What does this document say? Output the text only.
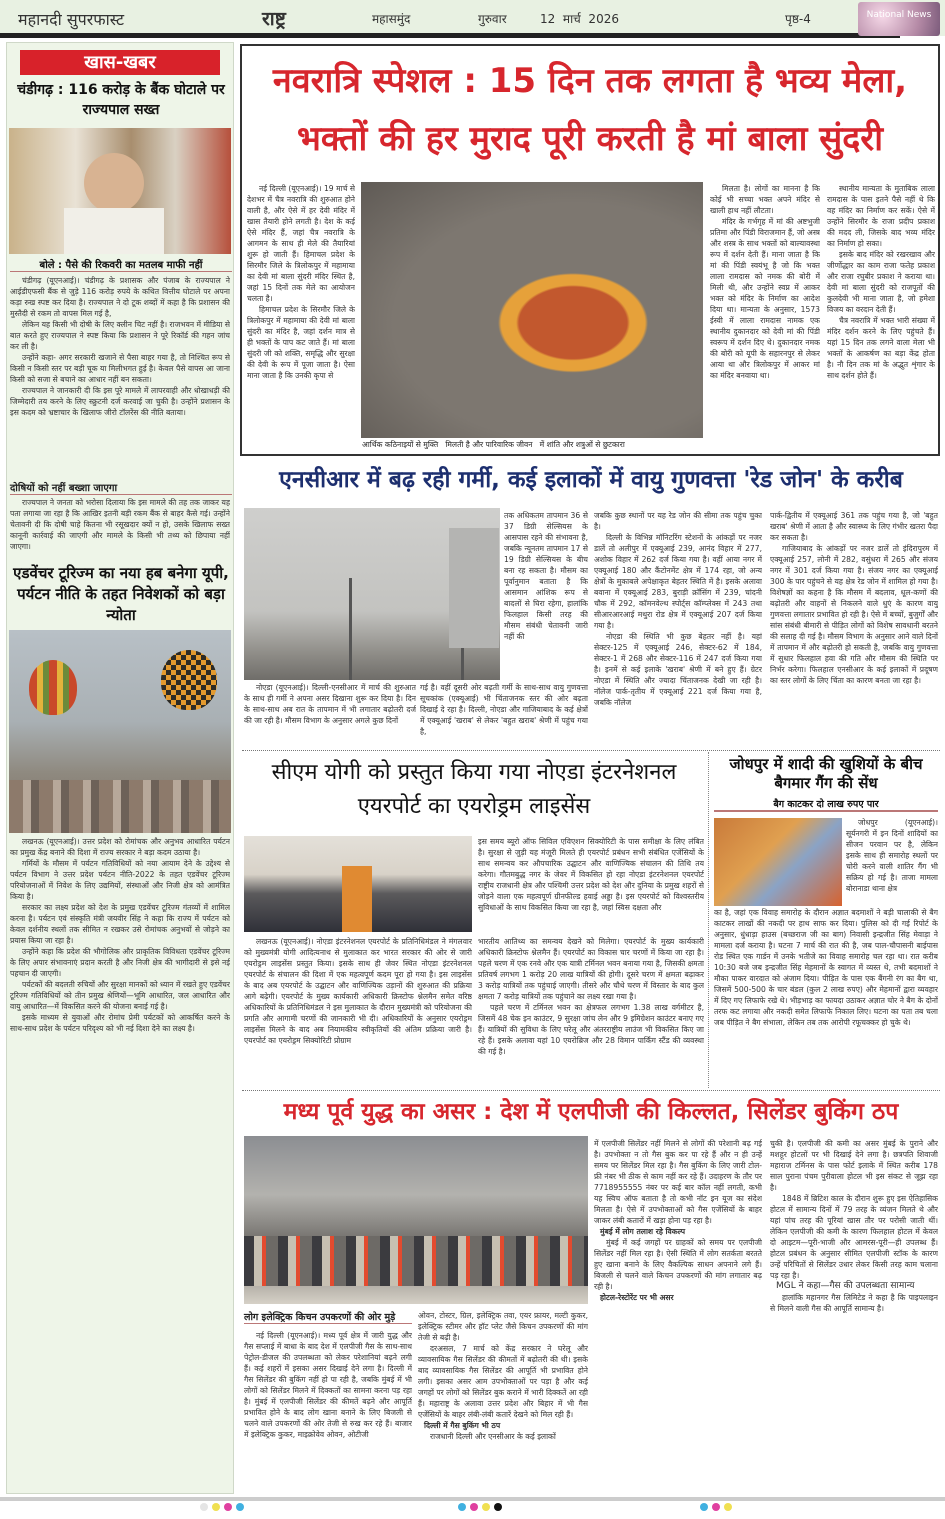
महानदी सुपरफास्ट	राष्ट्र	महासमुंद	गुरुवार	12  मार्च  2026	पृष्ठ-4	National News
खास-खबर
चंडीगढ़ : 116 करोड़ के बैंक घोटाले पर राज्यपाल सख्त
बोले : पैसे की रिकवरी का मतलब माफी नहीं

चंडीगढ़ (यूएनआई)। चंडीगढ़ के प्रशासक और पंजाब के राज्यपाल ने आईडीएफसी बैंक से जुड़े 116 करोड़ रुपये के कथित वित्तीय घोटाले पर अपना कड़ा रुख स्पष्ट कर दिया है। राज्यपाल ने दो टूक शब्दों में कहा है कि प्रशासन की मुस्तैदी से रकम तो वापस मिल गई है,

लेकिन यह किसी भी दोषी के लिए क्लीन चिट नहीं है। राजभवन में मीडिया से बात करते हुए राज्यपाल ने स्पष्ट किया कि प्रशासन ने पूरे रिकॉर्ड की गहन जांच कर ली है।

उन्होंने कहा- अगर सरकारी खजाने से पैसा बाहर गया है, तो निश्चित रूप से किसी न किसी स्तर पर बड़ी चूक या मिलीभगत हुई है। केवल पैसे वापस आ जाना किसी को सजा से बचाने का आधार नहीं बन सकता।

राज्यपाल ने जानकारी दी कि इस पूरे मामले में लापरवाही और धोखाधड़ी की जिम्मेदारी तय करने के लिए स्क्रुटनी दर्ज करवाई जा चुकी है। उन्होंने प्रशासन के इस कदम को भ्रष्टाचार के खिलाफ जीरो टॉलरेंस की नीति बताया।

दोषियों को नहीं बख्शा जाएगा

राज्यपाल ने जनता को भरोसा दिलाया कि इस मामले की तह तक जाकर यह पता लगाया जा रहा है कि आखिर इतनी बड़ी रकम बैंक से बाहर कैसे गई। उन्होंने चेतावनी दी कि दोषी चाहे कितना भी रसूखदार क्यों न हो, उसके खिलाफ सख्त कानूनी कार्रवाई की जाएगी और मामले के किसी भी तथ्य को छिपाया नहीं जाएगा।

एडवेंचर टूरिज्म का नया हब बनेगा यूपी, पर्यटन नीति के तहत निवेशकों को बड़ा न्योता

लखनऊ (यूएनआई)। उत्तर प्रदेश को रोमांचक और अनुभव आधारित पर्यटन का प्रमुख केंद्र बनाने की दिशा में राज्य सरकार ने बड़ा कदम उठाया है।

गर्मियों के मौसम में पर्यटन गतिविधियों को नया आयाम देने के उद्देश्य से पर्यटन विभाग ने उत्तर प्रदेश पर्यटन नीति-2022 के तहत एडवेंचर टूरिज्म परियोजनाओं में निवेश के लिए उद्यमियों, संस्थाओं और निजी क्षेत्र को आमंत्रित किया है।

सरकार का लक्ष्य प्रदेश को देश के प्रमुख एडवेंचर टूरिज्म गंतव्यों में शामिल करना है। पर्यटन एवं संस्कृति मंत्री जयवीर सिंह ने कहा कि राज्य में पर्यटन को केवल दर्शनीय स्थलों तक सीमित न रखकर उसे रोमांचक अनुभवों से जोड़ने का प्रयास किया जा रहा है।

उन्होंने कहा कि प्रदेश की भौगोलिक और प्राकृतिक विविधता एडवेंचर टूरिज्म के लिए अपार संभावनाएं प्रदान करती है और निजी क्षेत्र की भागीदारी से इसे नई पहचान दी जाएगी।

पर्यटकों की बदलती रुचियों और सुरक्षा मानकों को ध्यान में रखते हुए एडवेंचर टूरिज्म गतिविधियों को तीन प्रमुख श्रेणियों—भूमि आधारित, जल आधारित और वायु आधारित—में विकसित करने की योजना बनाई गई है।

इसके माध्यम से युवाओं और रोमांच प्रेमी पर्यटकों को आकर्षित करने के साथ-साथ प्रदेश के पर्यटन परिदृश्य को भी नई दिशा देने का लक्ष्य है।

नवरात्रि स्पेशल : 15 दिन तक लगता है भव्य मेला, भक्तों की हर मुराद पूरी करती है मां बाला सुंदरी

नई दिल्ली (यूएनआई)। 19 मार्च से देशभर में चैत्र नवरात्रि की शुरुआत होने वाली है, और ऐसे में हर देवी मंदिर में खास तैयारी होने लगती है। देश के कई ऐसे मंदिर हैं, जहां चैत्र नवरात्रि के आगमन के साथ ही मेले की तैयारियां शुरू हो जाती हैं। हिमाचल प्रदेश के सिरमौर जिले के त्रिलोकपुर में महामाया का देवी मां बाला सुंदरी मंदिर स्थित है, जहां 15 दिनों तक मेले का आयोजन चलता है।

हिमाचल प्रदेश के सिरमौर जिले के त्रिलोकपुर में महामाया की देवी मां बाला सुंदरी का मंदिर है, जहां दर्शन मात्र से ही भक्तों के पाप कट जाते हैं। मां बाला सुंदरी जी को शक्ति, समृद्धि और सुरक्षा की देवी के रूप में पूजा जाता है। ऐसा माना जाता है कि उनकी कृपा से

आर्थिक कठिनाइयों से मुक्ति   मिलती है और पारिवारिक जीवन   में शांति और शत्रुओं से छुटकारा

मिलता है। लोगों का मानना है कि कोई भी सच्चा भक्त अपने मंदिर से खाली हाथ नहीं लौटता।

मंदिर के गर्भगृह में मां की अष्टभुजी प्रतिमा और पिंडी विराजमान हैं, जो अस्त्र और शस्त्र के साथ भक्तों को बाल्यावस्था रूप में दर्शन देती हैं। माना जाता है कि मां की पिंडी स्वयंभू है जो कि भक्त लाला रामदास को नमक की बोरी में मिली थी, और उन्होंने स्वप्न में आकर भक्त को मंदिर के निर्माण का आदेश दिया था। मान्यता के अनुसार, 1573 ईस्वी में लाला रामदास नामक एक स्थानीय दुकानदार को देवी मां की पिंडी स्वरूप में दर्शन दिए थे। दुकानदार नमक की बोरी को यूपी के सहारनपुर से लेकर आया था और त्रिलोकपुर में आकर मां का मंदिर बनवाया था।

स्थानीय मान्यता के मुताबिक लाला रामदास के पास इतने पैसे नहीं थे कि वह मंदिर का निर्माण कर सकें। ऐसे में उन्होंने सिरमौर के राजा प्रदीप प्रकाश की मदद ली, जिसके बाद भव्य मंदिर का निर्माण हो सका।

इसके बाद मंदिर को रखरखाव और जीर्णोद्धार का काम राजा फतेह प्रकाश और राजा रघुबीर प्रकाश ने कराया था। देवी मां बाला सुंदरी को राजपूतों की कुलदेवी भी माना जाता है, जो हमेशा विजय का वरदान देती हैं।

चैत्र नवरात्रि में भक्त भारी संख्या में मंदिर दर्शन करने के लिए पहुंचते हैं। यहां 15 दिन तक लगने वाला मेला भी भक्तों के आकर्षण का बड़ा केंद्र होता है। नौ दिन तक मां के अद्भुत शृंगार के साथ दर्शन होते हैं।

एनसीआर में बढ़ रही गर्मी, कई इलाकों में वायु गुणवत्ता 'रेड जोन' के करीब

तक अधिकतम तापमान 36 से 37 डिग्री सेल्सियस के आसपास रहने की संभावना है, जबकि न्यूनतम तापमान 17 से 19 डिग्री सेल्सियस के बीच बना रह सकता है। मौसम का पूर्वानुमान बताता है कि आसमान आंशिक रूप से बादलों से घिरा रहेगा, हालांकि फिलहाल किसी तरह की मौसम संबंधी चेतावनी जारी नहीं की

नोएडा (यूएनआई)। दिल्ली-एनसीआर में मार्च की शुरुआत के साथ ही गर्मी ने अपना असर दिखाना शुरू कर दिया है। दिन के साथ-साथ अब रात के तापमान में भी लगातार बढ़ोतरी दर्ज की जा रही है। मौसम विभाग के अनुसार अगले कुछ दिनों

गई है। वहीं दूसरी ओर बढ़ती गर्मी के साथ-साथ वायु गुणवत्ता सूचकांक (एक्यूआई) भी चिंताजनक स्तर की ओर बढ़ता दिखाई दे रहा है। दिल्ली, नोएडा और गाजियाबाद के कई क्षेत्रों में एक्यूआई 'खराब' से लेकर 'बहुत खराब' श्रेणी में पहुंच गया है,

जबकि कुछ स्थानों पर यह रेड जोन की सीमा तक पहुंच चुका है।

दिल्ली के विभिन्न मॉनिटरिंग स्टेशनों के आंकड़ों पर नजर डालें तो अलीपुर में एक्यूआई 239, आनंद विहार में 277, अशोक विहार में 262 दर्ज किया गया है। वहीं आया नगर में एक्यूआई 180 और कैंटोनमेंट क्षेत्र में 174 रहा, जो अन्य क्षेत्रों के मुकाबले अपेक्षाकृत बेहतर स्थिति में है। इसके अलावा बवाना में एक्यूआई 283, बुराड़ी क्रॉसिंग में 239, चांदनी चौक में 292, कॉमनवेल्थ स्पोर्ट्स कॉम्प्लेक्स में 243 तथा सीआरआरआई मथुरा रोड क्षेत्र में एक्यूआई 207 दर्ज किया गया है।

नोएडा की स्थिति भी कुछ बेहतर नहीं है। यहां सेक्टर-125 में एक्यूआई 246, सेक्टर-62 में 184, सेक्टर-1 में 268 और सेक्टर-116 में 247 दर्ज किया गया है। इनमें से कई इलाके 'खराब' श्रेणी में बने हुए हैं। ग्रेटर नोएडा में स्थिति और ज्यादा चिंताजनक देखी जा रही है। नॉलेज पार्क-तृतीय में एक्यूआई 221 दर्ज किया गया है, जबकि नॉलेज

पार्क-द्वितीय में एक्यूआई 361 तक पहुंच गया है, जो 'बहुत खराब' श्रेणी में आता है और स्वास्थ्य के लिए गंभीर खतरा पैदा कर सकता है।

गाजियाबाद के आंकड़ों पर नजर डालें तो इंदिरापुरम में एक्यूआई 257, लोनी में 282, वसुंधरा में 265 और संजय नगर में 301 दर्ज किया गया है। संजय नगर का एक्यूआई 300 के पार पहुंचने से यह क्षेत्र रेड जोन में शामिल हो गया है। विशेषज्ञों का कहना है कि मौसम में बदलाव, धूल-कणों की बढ़ोतरी और वाहनों से निकलने वाले धुएं के कारण वायु गुणवत्ता लगातार प्रभावित हो रही है। ऐसे में बच्चों, बुजुर्गों और सांस संबंधी बीमारी से पीड़ित लोगों को विशेष सावधानी बरतने की सलाह दी गई है। मौसम विभाग के अनुसार आने वाले दिनों में तापमान में और बढ़ोतरी हो सकती है, जबकि वायु गुणवत्ता में सुधार फिलहाल हवा की गति और मौसम की स्थिति पर निर्भर करेगा। फिलहाल एनसीआर के कई इलाकों में प्रदूषण का स्तर लोगों के लिए चिंता का कारण बनता जा रहा है।

सीएम योगी को प्रस्तुत किया गया नोएडा इंटरनेशनल एयरपोर्ट का एयरोड्रम लाइसेंस

इस समय ब्यूरो ऑफ सिविल एविएशन सिक्योरिटी के पास समीक्षा के लिए लंबित है। सुरक्षा से जुड़ी यह मंजूरी मिलते ही एयरपोर्ट प्रबंधन सभी संबंधित एजेंसियों के साथ समन्वय कर औपचारिक उद्घाटन और वाणिज्यिक संचालन की तिथि तय करेगा। गौतमबुद्ध नगर के जेवर में विकसित हो रहा नोएडा इंटरनेशनल एयरपोर्ट राष्ट्रीय राजधानी क्षेत्र और पश्चिमी उत्तर प्रदेश को देश और दुनिया के प्रमुख शहरों से जोड़ने वाला एक महत्वपूर्ण ग्रीनफील्ड हवाई अड्डा है। इस एयरपोर्ट को विश्वस्तरीय सुविधाओं के साथ विकसित किया जा रहा है, जहां स्विस दक्षता और

लखनऊ (यूएनआई)। नोएडा इंटरनेशनल एयरपोर्ट के प्रतिनिधिमंडल ने मंगलवार को मुख्यमंत्री योगी आदित्यनाथ से मुलाकात कर भारत सरकार की ओर से जारी एयरोड्रम लाइसेंस प्रस्तुत किया। इसके साथ ही जेवर स्थित नोएडा इंटरनेशनल एयरपोर्ट के संचालन की दिशा में एक महत्वपूर्ण कदम पूरा हो गया है। इस लाइसेंस के बाद अब एयरपोर्ट के उद्घाटन और वाणिज्यिक उड़ानों की शुरुआत की प्रक्रिया आगे बढ़ेगी। एयरपोर्ट के मुख्य कार्यकारी अधिकारी क्रिस्टोफ श्नेलमैन समेत वरिष्ठ अधिकारियों के प्रतिनिधिमंडल ने इस मुलाकात के दौरान मुख्यमंत्री को परियोजना की प्रगति और आगामी चरणों की जानकारी भी दी। अधिकारियों के अनुसार एयरोड्रम लाइसेंस मिलने के बाद अब नियामकीय स्वीकृतियों की अंतिम प्रक्रिया जारी है। एयरपोर्ट का एयरोड्रम सिक्योरिटी प्रोग्राम

भारतीय आतिथ्य का समन्वय देखने को मिलेगा। एयरपोर्ट के मुख्य कार्यकारी अधिकारी क्रिस्टोफ श्नेलमैन हैं। एयरपोर्ट का विकास चार चरणों में किया जा रहा है। पहले चरण में एक रनवे और एक यात्री टर्मिनल भवन बनाया गया है, जिसकी क्षमता प्रतिवर्ष लगभग 1 करोड़ 20 लाख यात्रियों की होगी। दूसरे चरण में क्षमता बढ़ाकर 3 करोड़ यात्रियों तक पहुंचाई जाएगी। तीसरे और चौथे चरण में विस्तार के बाद कुल क्षमता 7 करोड़ यात्रियों तक पहुंचाने का लक्ष्य रखा गया है।

पहले चरण में टर्मिनल भवन का क्षेत्रफल लगभग 1.38 लाख वर्गमीटर है, जिसमें 48 चेक इन काउंटर, 9 सुरक्षा जांच लेन और 9 इमिग्रेशन काउंटर बनाए गए हैं। यात्रियों की सुविधा के लिए घरेलू और अंतरराष्ट्रीय लाउंज भी विकसित किए जा रहे हैं। इसके अलावा यहां 10 एयरोब्रिज और 28 विमान पार्किंग स्टैंड की व्यवस्था की गई है।

जोधपुर में शादी की खुशियों के बीच बैगमार गैंग की सेंध
बैग काटकर दो लाख रुपए पार

जोधपुर (यूएनआई)। सूर्यनगरी में इन दिनों शादियों का सीजन परवान पर है, लेकिन इसके साथ ही समारोह स्थलों पर चोरी करने वाली शातिर गैंग भी सक्रिय हो गई है। ताजा मामला बोरानाडा थाना क्षेत्र

का है, जहां एक विवाह समारोह के दौरान अज्ञात बदमाशों ने बड़ी चालाकी से बैग काटकर लाखों की नकदी पर हाथ साफ कर दिया। पुलिस को दी गई रिपोर्ट के अनुसार, धुंधाड़ा हाउस (बच्छराज जी का बाग) निवासी इन्द्रजीत सिंह मेवाड़ा ने मामला दर्ज कराया है। घटना 7 मार्च की रात की है, जब पाल-चौपासनी बाईपास रोड स्थित एक गार्डन में उनके भतीजे का विवाह समारोह चल रहा था। रात करीब 10:30 बजे जब इन्द्रजीत सिंह मेहमानों के स्वागत में व्यस्त थे, तभी बदमाशों ने मौका पाकर वारदात को अंजाम दिया। पीड़ित के पास एक बैंगनी रंग का बैग था, जिसमें 500-500 के चार बंडल (कुल 2 लाख रुपए) और मेहमानों द्वारा व्यवहार में दिए गए लिफाफे रखे थे। भीड़भाड़ का फायदा उठाकर अज्ञात चोर ने बैग के दोनों तरफ कट लगाया और नकदी समेत लिफाफे निकाल लिए। घटना का पता तब चला जब पीड़ित ने बैग संभाला, लेकिन तब तक आरोपी रफूचक्कर हो चुके थे।

मध्य पूर्व युद्ध का असर : देश में एलपीजी की किल्लत, सिलेंडर बुकिंग ठप
लोग इलेक्ट्रिक किचन उपकरणों की ओर मुड़े

नई दिल्ली (यूएनआई)। मध्य पूर्व क्षेत्र में जारी युद्ध और गैस सप्लाई में बाधा के बाद देश में एलपीजी गैस के साथ-साथ पेट्रोल-डीजल की उपलब्धता को लेकर परेशानियां बढ़ने लगी हैं। कई शहरों में इसका असर दिखाई देने लगा है। दिल्ली में गैस सिलेंडर की बुकिंग नहीं हो पा रही है, जबकि मुंबई में भी लोगों को सिलेंडर मिलने में दिक्कतों का सामना करना पड़ रहा है। मुंबई में एलपीजी सिलेंडर की कीमतें बढ़ने और आपूर्ति प्रभावित होने के बाद लोग खाना बनाने के लिए बिजली से चलने वाले उपकरणों की ओर तेजी से रुख कर रहे हैं। बाजार में इलेक्ट्रिक कुकर, माइक्रोवेव ओवन, ओटीजी

ओवन, टोस्टर, ग्रिल, इलेक्ट्रिक तवा, एयर फ्रायर, मल्टी कुकर, इलेक्ट्रिक स्टीमर और हॉट प्लेट जैसे किचन उपकरणों की मांग तेजी से बढ़ी है।

दरअसल, 7 मार्च को केंद्र सरकार ने घरेलू और व्यावसायिक गैस सिलेंडर की कीमतों में बढ़ोतरी की थी। इसके बाद व्यावसायिक गैस सिलेंडर की आपूर्ति भी प्रभावित होने लगी। इसका असर आम उपभोक्ताओं पर पड़ा है और कई जगहों पर लोगों को सिलेंडर बुक कराने में भारी दिक्कतें आ रही हैं। महाराष्ट्र के अलावा उत्तर प्रदेश और बिहार में भी गैस एजेंसियों के बाहर लंबी-लंबी कतारें देखने को मिल रही हैं।

दिल्ली में गैस बुकिंग भी ठप

राजधानी दिल्ली और एनसीआर के कई इलाकों

में एलपीजी सिलेंडर नहीं मिलने से लोगों की परेशानी बढ़ गई है। उपभोक्ता न तो गैस बुक कर पा रहे हैं और न ही उन्हें समय पर सिलेंडर मिल रहा है। गैस बुकिंग के लिए जारी टोल-फ्री नंबर भी ठीक से काम नहीं कर रहे हैं। उदाहरण के तौर पर 7718955555 नंबर पर कई बार कॉल नहीं लगती, कभी यह स्विच ऑफ बताता है तो कभी नॉट इन यूज का संदेश मिलता है। ऐसे में उपभोक्ताओं को गैस एजेंसियों के बाहर जाकर लंबी कतारों में खड़ा होना पड़ रहा है।

मुंबई में लोग तलाश रहे विकल्प

मुंबई में कई जगहों पर ग्राहकों को समय पर एलपीजी सिलेंडर नहीं मिल रहा है। ऐसी स्थिति में लोग सतर्कता बरतते हुए खाना बनाने के लिए वैकल्पिक साधन अपनाने लगे हैं। बिजली से चलने वाले किचन उपकरणों की मांग लगातार बढ़ रही है।

होटल-रेस्टोरेंट पर भी असर

चुकी है। एलपीजी की कमी का असर मुंबई के पुराने और मशहूर होटलों पर भी दिखाई देने लगा है। छत्रपति शिवाजी महाराज टर्मिनस के पास फोर्ट इलाके में स्थित करीब 178 साल पुराना पंचम पुरीवाला होटल भी इस संकट से जूझ रहा है।

1848 में ब्रिटिश काल के दौरान शुरू हुए इस ऐतिहासिक होटल में सामान्य दिनों में 79 तरह के व्यंजन मिलते थे और यहां पांच तरह की पूरियां खास तौर पर परोसी जाती थीं। लेकिन एलपीजी की कमी के कारण फिलहाल होटल में केवल दो आइटम—पूरी-भाजी और आमरस-पूरी—ही उपलब्ध हैं। होटल प्रबंधन के अनुसार सीमित एलपीजी स्टॉक के कारण उन्हें परिचितों से सिलेंडर उधार लेकर किसी तरह काम चलाना पड़ रहा है।

MGL ने कहा—गैस की उपलब्धता सामान्य

हालांकि महानगर गैस लिमिटेड ने कहा है कि पाइपलाइन से मिलने वाली गैस की आपूर्ति सामान्य है।
